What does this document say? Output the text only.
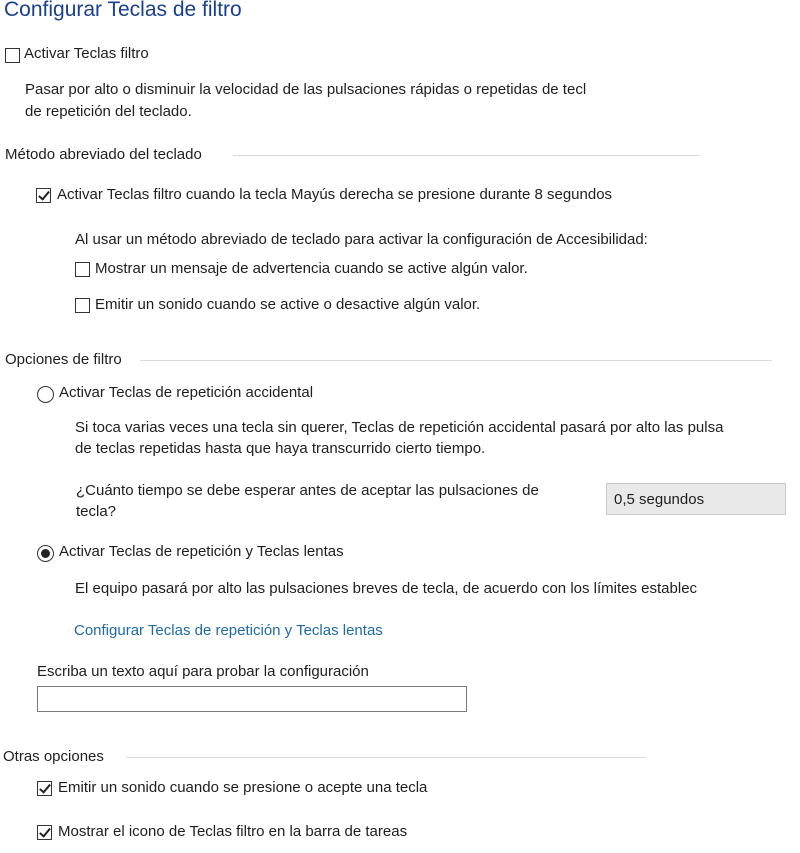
Configurar Teclas de filtro
Activar Teclas filtro
Pasar por alto o disminuir la velocidad de las pulsaciones rápidas o repetidas de tecl
de repetición del teclado.
Método abreviado del teclado
Activar Teclas filtro cuando la tecla Mayús derecha se presione durante 8 segundos
Al usar un método abreviado de teclado para activar la configuración de Accesibilidad:
Mostrar un mensaje de advertencia cuando se active algún valor.
Emitir un sonido cuando se active o desactive algún valor.
Opciones de filtro
Activar Teclas de repetición accidental
Si toca varias veces una tecla sin querer, Teclas de repetición accidental pasará por alto las pulsa
de teclas repetidas hasta que haya transcurrido cierto tiempo.
¿Cuánto tiempo se debe esperar antes de aceptar las pulsaciones de
tecla?
0,5 segundos
Activar Teclas de repetición y Teclas lentas
El equipo pasará por alto las pulsaciones breves de tecla, de acuerdo con los límites establec
Configurar Teclas de repetición y Teclas lentas
Escriba un texto aquí para probar la configuración
Otras opciones
Emitir un sonido cuando se presione o acepte una tecla
Mostrar el icono de Teclas filtro en la barra de tareas
